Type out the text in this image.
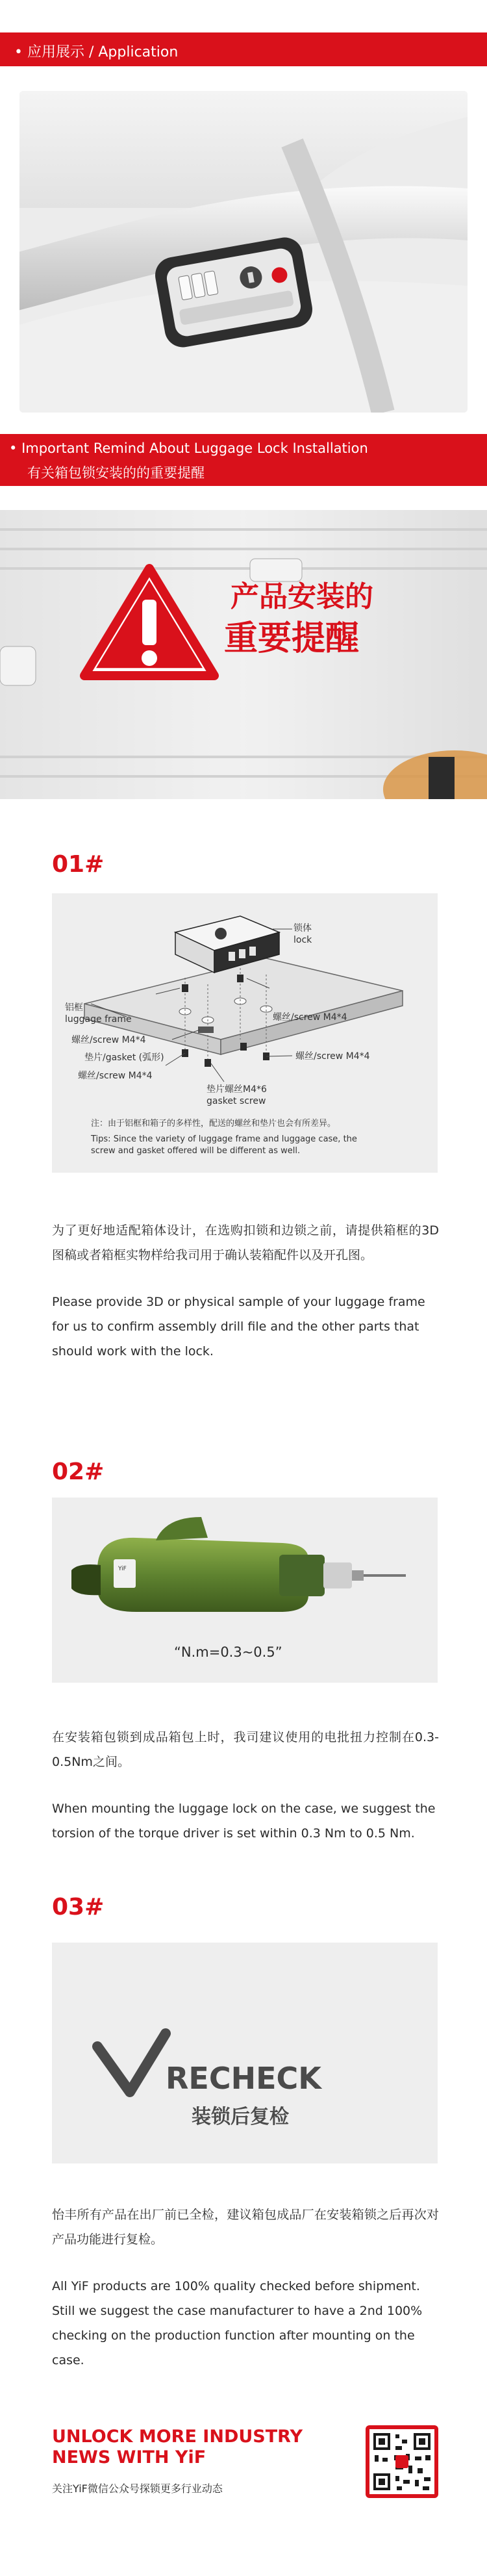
• 应用展示 / Application
• Important Remind About Luggage Lock Installation
有关箱包锁安装的的重要提醒
产品安装的
重要提醒
01#
锁体
lock
铝框
luggage frame
螺丝/screw M4*4
螺丝/screw M4*4
垫片/gasket (弧形)	螺丝/screw M4*4
螺丝/screw M4*4
垫片螺丝M4*6
gasket screw
注：由于铝框和箱子的多样性，配送的螺丝和垫片也会有所差异。
Tips: Since the variety of luggage frame and luggage case, the
screw and gasket offered will be different as well.
为了更好地适配箱体设计，在选购扣锁和边锁之前，请提供箱框的3D图稿或者箱框实物样给我司用于确认装箱配件以及开孔图。
Please provide 3D or physical sample of your luggage frame for us to confirm assembly drill file and the other parts that should work with the lock.
02#
YiF
“N.m=0.3~0.5”
在安装箱包锁到成品箱包上时，我司建议使用的电批扭力控制在0.3-0.5Nm之间。
When mounting the luggage lock on the case, we suggest the torsion of the torque driver is set within 0.3 Nm to 0.5 Nm.
03#
RECHECK
装锁后复检
怡丰所有产品在出厂前已全检，建议箱包成品厂在安装箱锁之后再次对产品功能进行复检。
All YiF products are 100% quality checked before shipment. Still we suggest the case manufacturer to have a 2nd 100% checking on the production function after mounting on the case.
UNLOCK MORE INDUSTRY
NEWS WITH YiF
关注YiF微信公众号探锁更多行业动态
